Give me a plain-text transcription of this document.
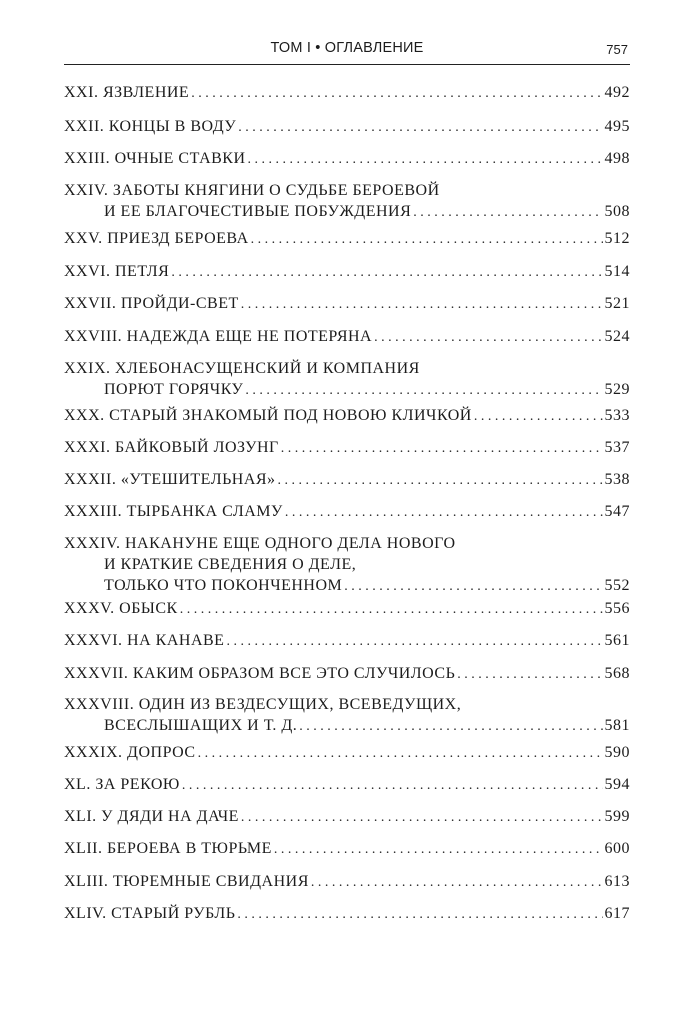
ТОМ I • ОГЛАВЛЕНИЕ	757
XXI. ЯЗВЛЕНИЕ . . .	492
XXII. КОНЦЫ В ВОДУ . . .	495
XXIII. ОЧНЫЕ СТАВКИ . . .	498
XXIV. ЗАБОТЫ КНЯГИНИ О СУДЬБЕ БЕРОЕВОЙ
И ЕЕ БЛАГОЧЕСТИВЫЕ ПОБУЖДЕНИЯ . . .	508
XXV. ПРИЕЗД БЕРОЕВА . . .	512
XXVI. ПЕТЛЯ . . .	514
XXVII. ПРОЙДИ-СВЕТ . . .	521
XXVIII. НАДЕЖДА ЕЩЕ НЕ ПОТЕРЯНА . . .	524
XXIX. ХЛЕБОНАСУЩЕНСКИЙ И КОМПАНИЯ
ПОРЮТ ГОРЯЧКУ . . .	529
XXX. СТАРЫЙ ЗНАКОМЫЙ ПОД НОВОЮ КЛИЧКОЙ . . .	533
XXXI. БАЙКОВЫЙ ЛОЗУНГ . . .	537
XXXII. «УТЕШИТЕЛЬНАЯ» . . .	538
XXXIII. ТЫРБАНКА СЛАМУ . . .	547
XXXIV. НАКАНУНЕ ЕЩЕ ОДНОГО ДЕЛА НОВОГО
И КРАТКИЕ СВЕДЕНИЯ О ДЕЛЕ,
ТОЛЬКО ЧТО ПОКОНЧЕННОМ . . .	552
XXXV. ОБЫСК . . .	556
XXXVI. НА КАНАВЕ . . .	561
XXXVII. КАКИМ ОБРАЗОМ ВСЕ ЭТО СЛУЧИЛОСЬ . . .	568
XXXVIII. ОДИН ИЗ ВЕЗДЕСУЩИХ, ВСЕВЕДУЩИХ,
ВСЕСЛЫШАЩИХ И Т. Д. . . .	581
XXXIX. ДОПРОС . . .	590
XL. ЗА РЕКОЮ . . .	594
XLI. У ДЯДИ НА ДАЧЕ . . .	599
XLII. БЕРОЕВА В ТЮРЬМЕ . . .	600
XLIII. ТЮРЕМНЫЕ СВИДАНИЯ . . .	613
XLIV. СТАРЫЙ РУБЛЬ . . .	617
